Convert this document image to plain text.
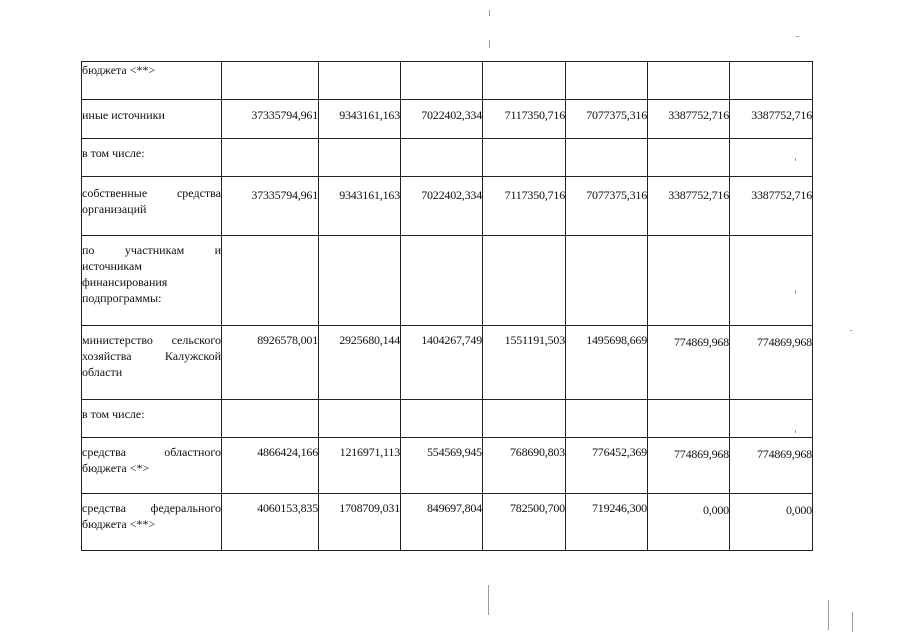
бюджета <**>							
иные источники	37335794,961	9343161,163	7022402,334	7117350,716	7077375,316	3387752,716	3387752,716
в том числе:							
собственные средства организаций	37335794,961	9343161,163	7022402,334	7117350,716	7077375,316	3387752,716	3387752,716
по участникам и источникам финансирования подпрограммы:							
министерство сельского хозяйства Калужской области	8926578,001	2925680,144	1404267,749	1551191,503	1495698,669	774869,968	774869,968
в том числе:							
средства областного бюджета <*>	4866424,166	1216971,113	554569,945	768690,803	776452,369	774869,968	774869,968
средства федерального бюджета <**>	4060153,835	1708709,031	849697,804	782500,700	719246,300	0,000	0,000
